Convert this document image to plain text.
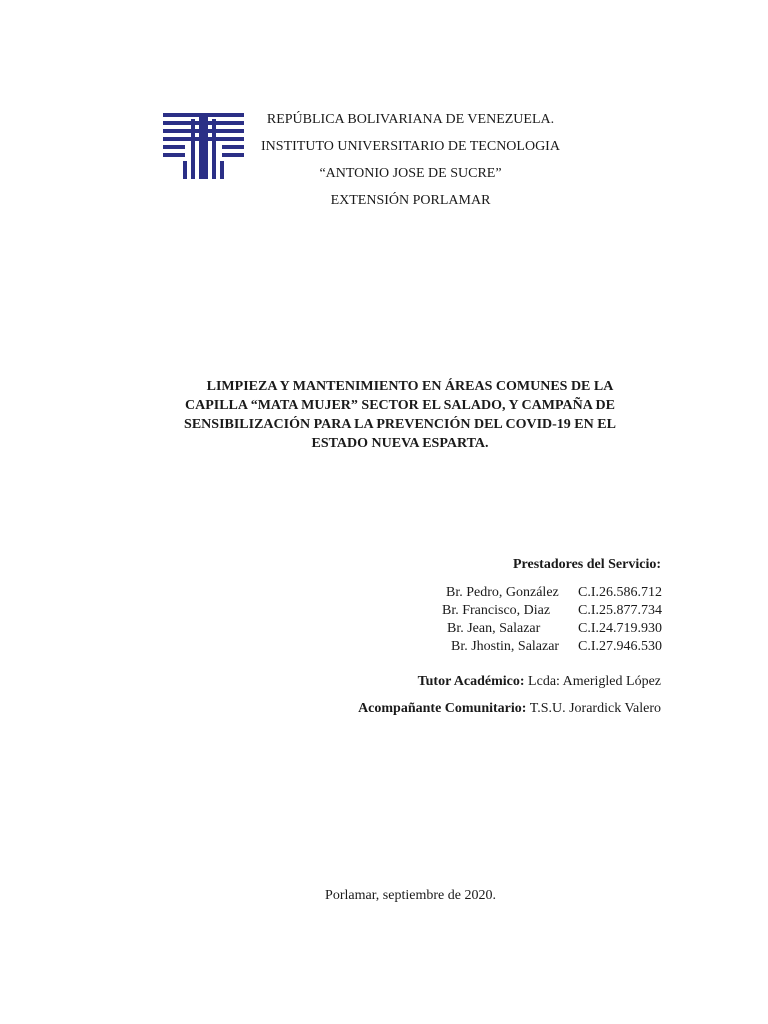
REPÚBLICA BOLIVARIANA DE VENEZUELA.
INSTITUTO UNIVERSITARIO DE TECNOLOGIA
“ANTONIO JOSE DE SUCRE”
EXTENSIÓN PORLAMAR
LIMPIEZA Y MANTENIMIENTO EN ÁREAS COMUNES DE LA
CAPILLA “MATA MUJER” SECTOR EL SALADO, Y CAMPAÑA DE
SENSIBILIZACIÓN PARA LA PREVENCIÓN DEL COVID-19 EN EL
ESTADO NUEVA ESPARTA.
Prestadores del Servicio:
Br. Pedro, González C.I.26.586.712
Br. Francisco, Diaz C.I.25.877.734
Br. Jean, Salazar	C.I.24.719.930
Br. Jhostin, Salazar C.I.27.946.530
Tutor Académico: Lcda: Amerigled López
Acompañante Comunitario: T.S.U. Jorardick Valero
Porlamar, septiembre de 2020.
